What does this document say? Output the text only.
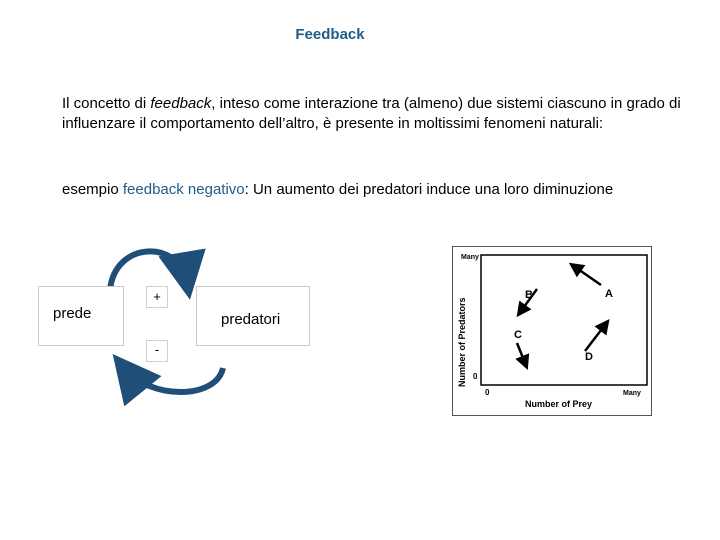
Feedback
Il concetto di feedback, inteso come interazione tra (almeno) due sistemi ciascuno in grado di influenzare il comportamento dell’altro, è presente in moltissimi fenomeni naturali:
esempio feedback negativo: Un aumento dei predatori induce una loro diminuzione
prede	predatori
+
-
Many
Number of Predators 0
0	Many
Number of Prey
A
B
C
D
